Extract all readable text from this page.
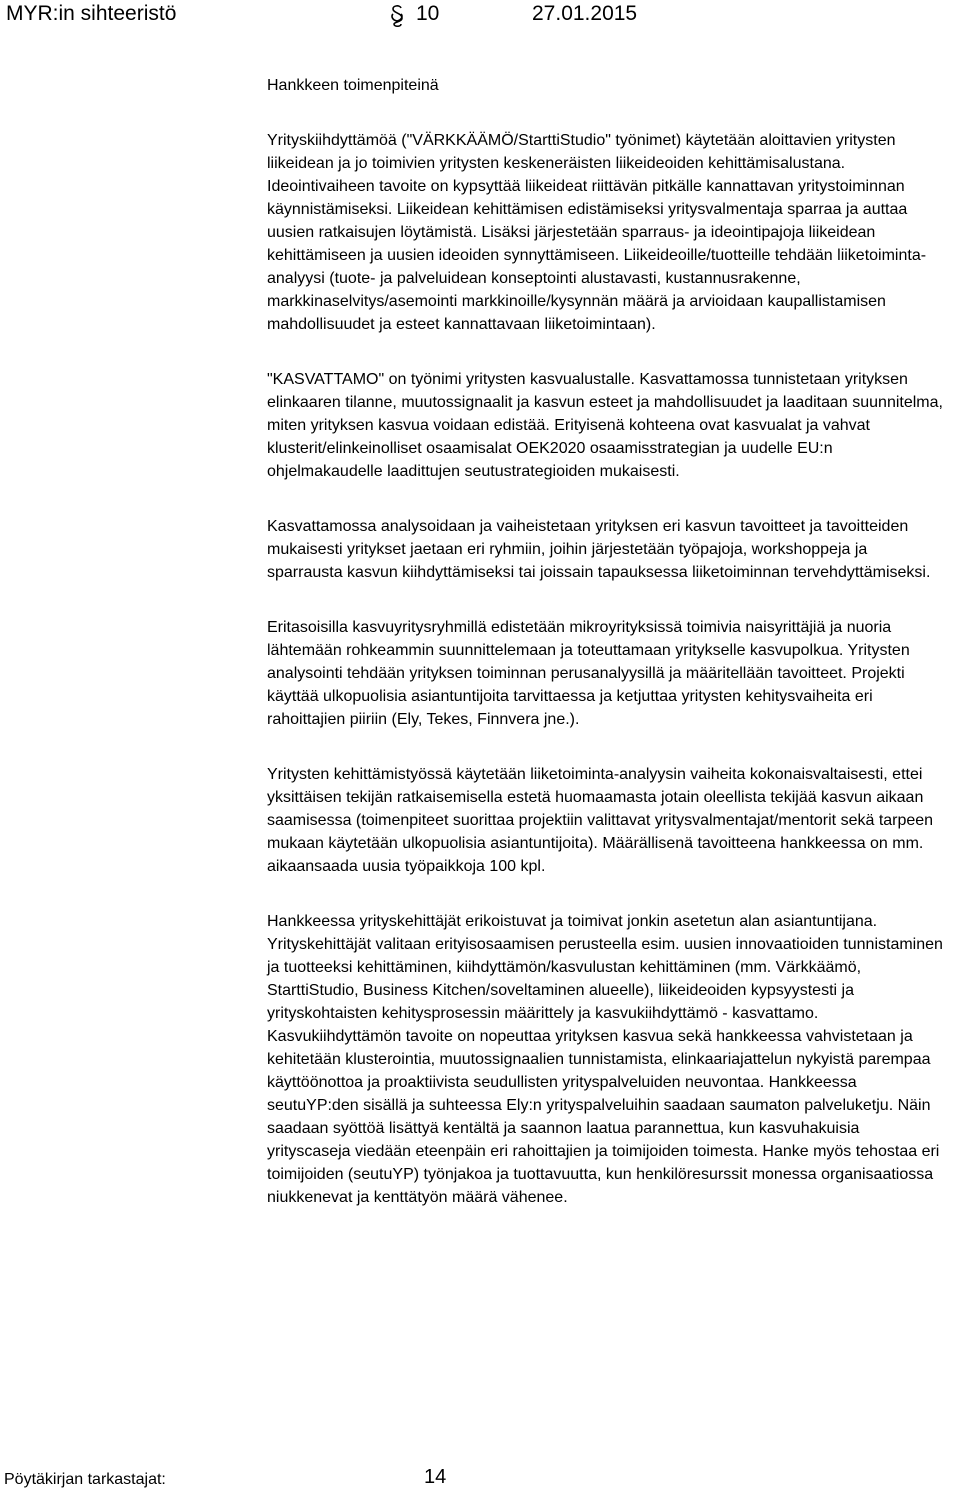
MYR:in sihteeristö	10	27.01.2015
Hankkeen toimenpiteinä

Yrityskiihdyttämöä ("VÄRKKÄÄMÖ/StarttiStudio" työnimet) käytetään aloittavien yritysten liikeidean ja jo toimivien yritysten keskeneräisten liikeideoiden kehittämisalustana. Ideointivaiheen tavoite on kypsyttää liikeideat riittävän pitkälle kannattavan yritystoiminnan käynnistämiseksi. Liikeidean kehittämisen edistämiseksi yritysvalmentaja sparraa ja auttaa uusien ratkaisujen löytämistä. Lisäksi järjestetään sparraus- ja ideointipajoja liikeidean kehittämiseen ja uusien ideoiden synnyttämiseen. Liikeideoille/tuotteille tehdään liiketoiminta-analyysi (tuote- ja palveluidean konseptointi alustavasti, kustannusrakenne, markkinaselvitys/asemointi markkinoille/kysynnän määrä ja arvioidaan kaupallistamisen mahdollisuudet ja esteet kannattavaan liiketoimintaan).

"KASVATTAMO" on työnimi yritysten kasvualustalle. Kasvattamossa tunnistetaan yrityksen elinkaaren tilanne, muutossignaalit ja kasvun esteet ja mahdollisuudet ja laaditaan suunnitelma, miten yrityksen kasvua voidaan edistää. Erityisenä kohteena ovat kasvualat ja vahvat klusterit/elinkeinolliset osaamisalat OEK2020 osaamisstrategian ja uudelle EU:n ohjelmakaudelle laadittujen seutustrategioiden mukaisesti.

Kasvattamossa analysoidaan ja vaiheistetaan yrityksen eri kasvun tavoitteet ja tavoitteiden mukaisesti yritykset jaetaan eri ryhmiin, joihin järjestetään työpajoja, workshoppeja ja sparrausta kasvun kiihdyttämiseksi tai joissain tapauksessa liiketoiminnan tervehdyttämiseksi.

Eritasoisilla kasvuyritysryhmillä edistetään mikroyrityksissä toimivia naisyrittäjiä ja nuoria lähtemään rohkeammin suunnittelemaan ja toteuttamaan yritykselle kasvupolkua. Yritysten analysointi tehdään yrityksen toiminnan perusanalyysillä ja määritellään tavoitteet. Projekti käyttää ulkopuolisia asiantuntijoita tarvittaessa ja ketjuttaa yritysten kehitysvaiheita eri rahoittajien piiriin (Ely, Tekes, Finnvera jne.).

Yritysten kehittämistyössä käytetään liiketoiminta-analyysin vaiheita kokonaisvaltaisesti, ettei yksittäisen tekijän ratkaisemisella estetä huomaamasta jotain oleellista tekijää kasvun aikaan saamisessa (toimenpiteet suorittaa projektiin valittavat yritysvalmentajat/mentorit sekä tarpeen mukaan käytetään ulkopuolisia asiantuntijoita). Määrällisenä tavoitteena hankkeessa on mm. aikaansaada uusia työpaikkoja 100 kpl.

Hankkeessa yrityskehittäjät erikoistuvat ja toimivat jonkin asetetun alan asiantuntijana. Yrityskehittäjät valitaan erityisosaamisen perusteella esim. uusien innovaatioiden tunnistaminen ja tuotteeksi kehittäminen, kiihdyttämön/kasvulustan kehittäminen (mm. Värkkäämö, StarttiStudio, Business Kitchen/soveltaminen alueelle), liikeideoiden kypsyystesti ja yrityskohtaisten kehitysprosessin määrittely ja kasvukiihdyttämö - kasvattamo. Kasvukiihdyttämön tavoite on nopeuttaa yrityksen kasvua sekä hankkeessa vahvistetaan ja kehitetään klusterointia, muutossignaalien tunnistamista, elinkaariajattelun nykyistä parempaa käyttöönottoa ja proaktiivista seudullisten yrityspalveluiden neuvontaa. Hankkeessa seutuYP:den sisällä ja suhteessa Ely:n yrityspalveluihin saadaan saumaton palveluketju. Näin saadaan syöttöä lisättyä kentältä ja saannon laatua parannettua, kun kasvuhakuisia yrityscaseja viedään eteenpäin eri rahoittajien ja toimijoiden toimesta. Hanke myös tehostaa eri toimijoiden (seutuYP) työnjakoa ja tuottavuutta, kun henkilöresurssit monessa organisaatiossa niukkenevat ja kenttätyön määrä vähenee.

Pöytäkirjan tarkastajat:	14
